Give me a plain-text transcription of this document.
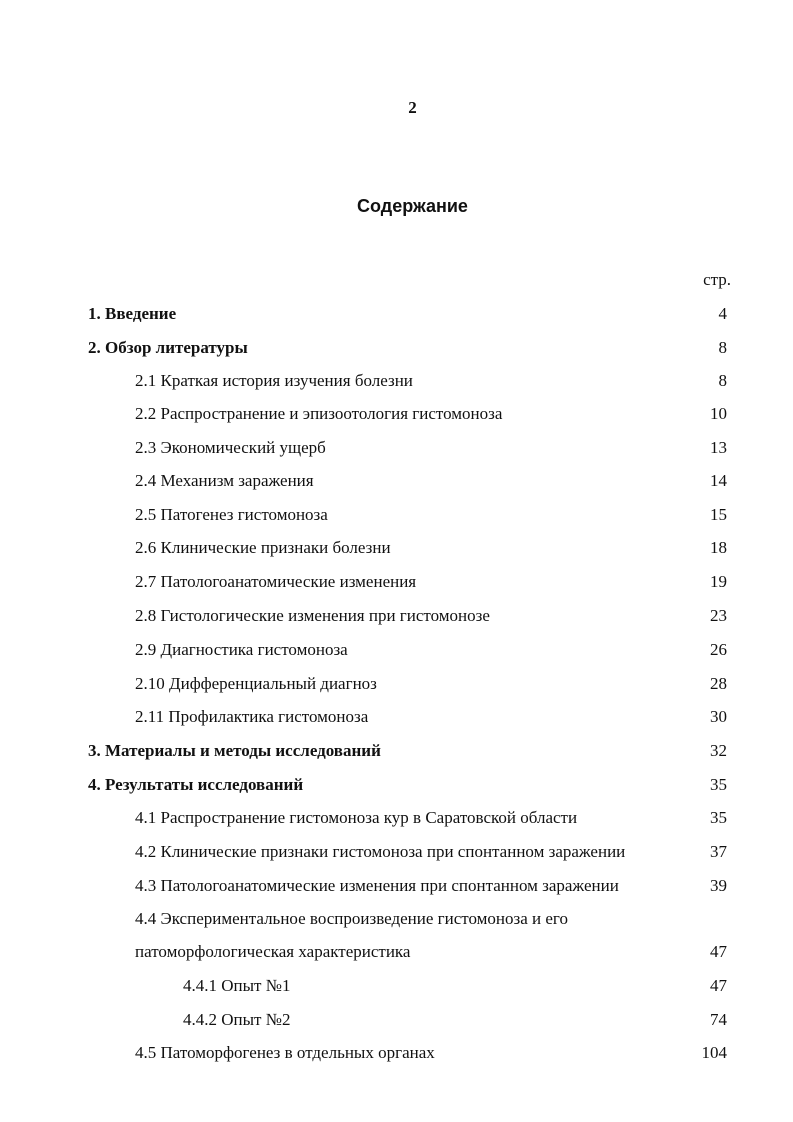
2
Содержание
стр.
1. Введение	4
2. Обзор литературы	8
2.1 Краткая история изучения болезни	8
2.2 Распространение и эпизоотология гистомоноза	10
2.3 Экономический ущерб	13
2.4 Механизм заражения	14
2.5 Патогенез гистомоноза	15
2.6 Клинические признаки болезни	18
2.7 Патологоанатомические изменения	19
2.8 Гистологические изменения при гистомонозе	23
2.9 Диагностика гистомоноза	26
2.10 Дифференциальный диагноз	28
2.11 Профилактика гистомоноза	30
3. Материалы и методы исследований	32
4. Результаты исследований	35
4.1 Распространение гистомоноза кур в Саратовской области	35
4.2 Клинические признаки гистомоноза при спонтанном заражении	37
4.3 Патологоанатомические изменения при спонтанном заражении	39
4.4 Экспериментальное воспроизведение гистомоноза и его
патоморфологическая характеристика	47
4.4.1 Опыт №1	47
4.4.2 Опыт №2	74
4.5 Патоморфогенез в отдельных органах	104
